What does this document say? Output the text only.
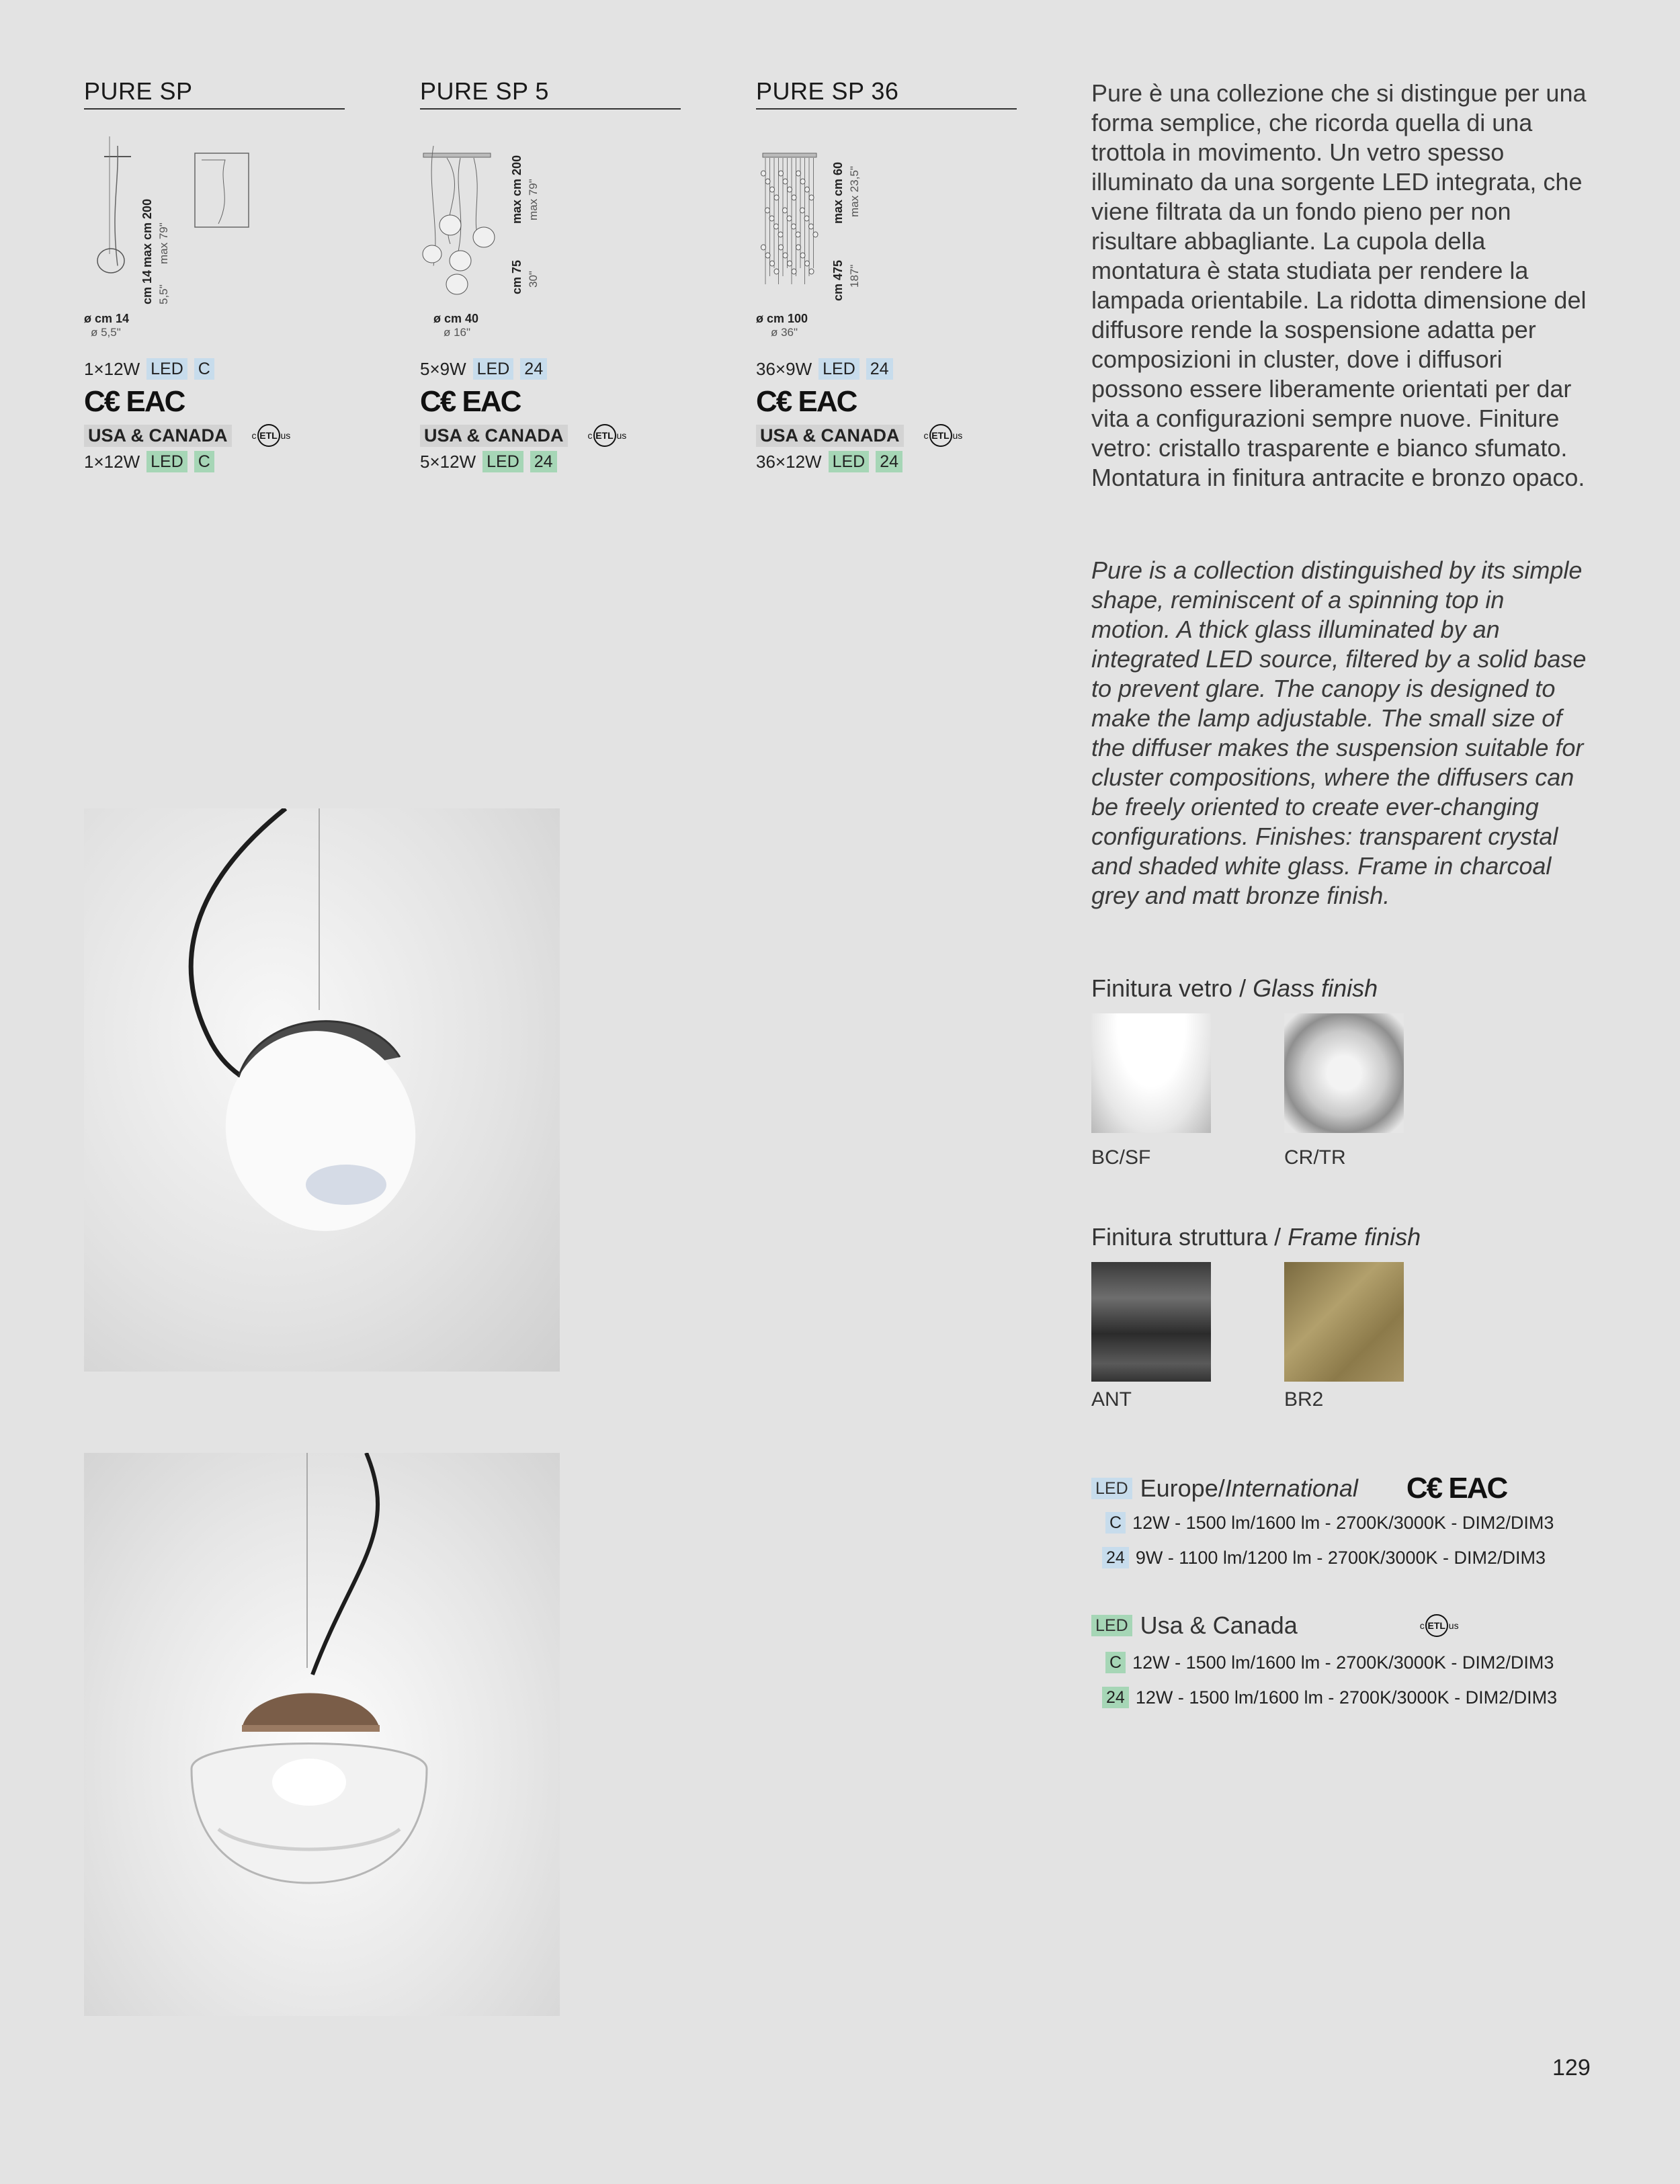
PURE SP
max cm 200 max 79"
cm 14 5,5"
ø cm 14
ø 5,5"
1×12W LED C
C€ EAC
USA & CANADA	c ETL us
1×12W LED C
PURE SP 5
max cm 200 max 79"
cm 75 30"
ø cm 40
ø 16"
5×9W LED 24
C€ EAC
USA & CANADA	c ETL us
5×12W LED 24
PURE SP 36
max cm 60 max 23,5"
cm 475 187"
ø cm 100
ø 36"
36×9W LED 24
C€ EAC
USA & CANADA	c ETL us
36×12W LED 24
Pure è una collezione che si distingue per una forma semplice, che ricorda quella di una trottola in movimento. Un vetro spesso illuminato da una sorgente LED integrata, che viene filtrata da un fondo pieno per non risultare abbagliante. La cupola della montatura è stata studiata per rendere la lampada orientabile. La ridotta dimensione del diffusore rende la sospensione adatta per composizioni in cluster, dove i diffusori possono essere liberamente orientati per dar vita a configurazioni sempre nuove. Finiture vetro: cristallo trasparente e bianco sfumato. Montatura in finitura antracite e bronzo opaco.
Pure is a collection distinguished by its simple shape, reminiscent of a spinning top in motion. A thick glass illuminated by an integrated LED source, filtered by a solid base to prevent glare. The canopy is designed to make the lamp adjustable. The small size of the diffuser makes the suspension suitable for cluster compositions, where the diffusers can be freely oriented to create ever-changing configurations. Finishes: transparent crystal and shaded white glass. Frame in charcoal grey and matt bronze finish.
Finitura vetro / Glass finish
BC/SF	CR/TR
Finitura struttura / Frame finish
ANT	BR2
LED Europe/International C€ EAC
C 12W - 1500 lm/1600 lm - 2700K/3000K - DIM2/DIM3
24 9W - 1100 lm/1200 lm - 2700K/3000K - DIM2/DIM3
LED Usa & Canada	c ETL us
C 12W - 1500 lm/1600 lm - 2700K/3000K - DIM2/DIM3
24 12W - 1500 lm/1600 lm - 2700K/3000K - DIM2/DIM3
129
